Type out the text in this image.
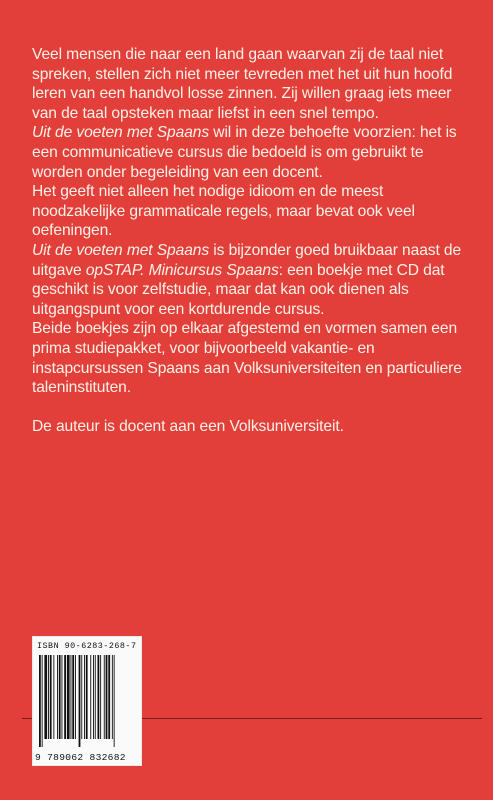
Veel mensen die naar een land gaan waarvan zij de taal niet spreken, stellen zich niet meer tevreden met het uit hun hoofd leren van een handvol losse zinnen. Zij willen graag iets meer van de taal opsteken maar liefst in een snel tempo.

Uit de voeten met Spaans wil in deze behoefte voorzien: het is een communicatieve cursus die bedoeld is om gebruikt te worden onder begeleiding van een docent.

Het geeft niet alleen het nodige idioom en de meest noodzakelijke grammaticale regels, maar bevat ook veel oefeningen.

Uit de voeten met Spaans is bijzonder goed bruikbaar naast de uitgave opSTAP. Minicursus Spaans: een boekje met CD dat geschikt is voor zelfstudie, maar dat kan ook dienen als uitgangspunt voor een kortdurende cursus.

Beide boekjes zijn op elkaar afgestemd en vormen samen een prima studiepakket, voor bijvoorbeeld vakantie- en instapcursussen Spaans aan Volksuniversiteiten en particuliere taleninstituten.

De auteur is docent aan een Volksuniversiteit.

ISBN 90-6283-268-7
9 789062 832682
